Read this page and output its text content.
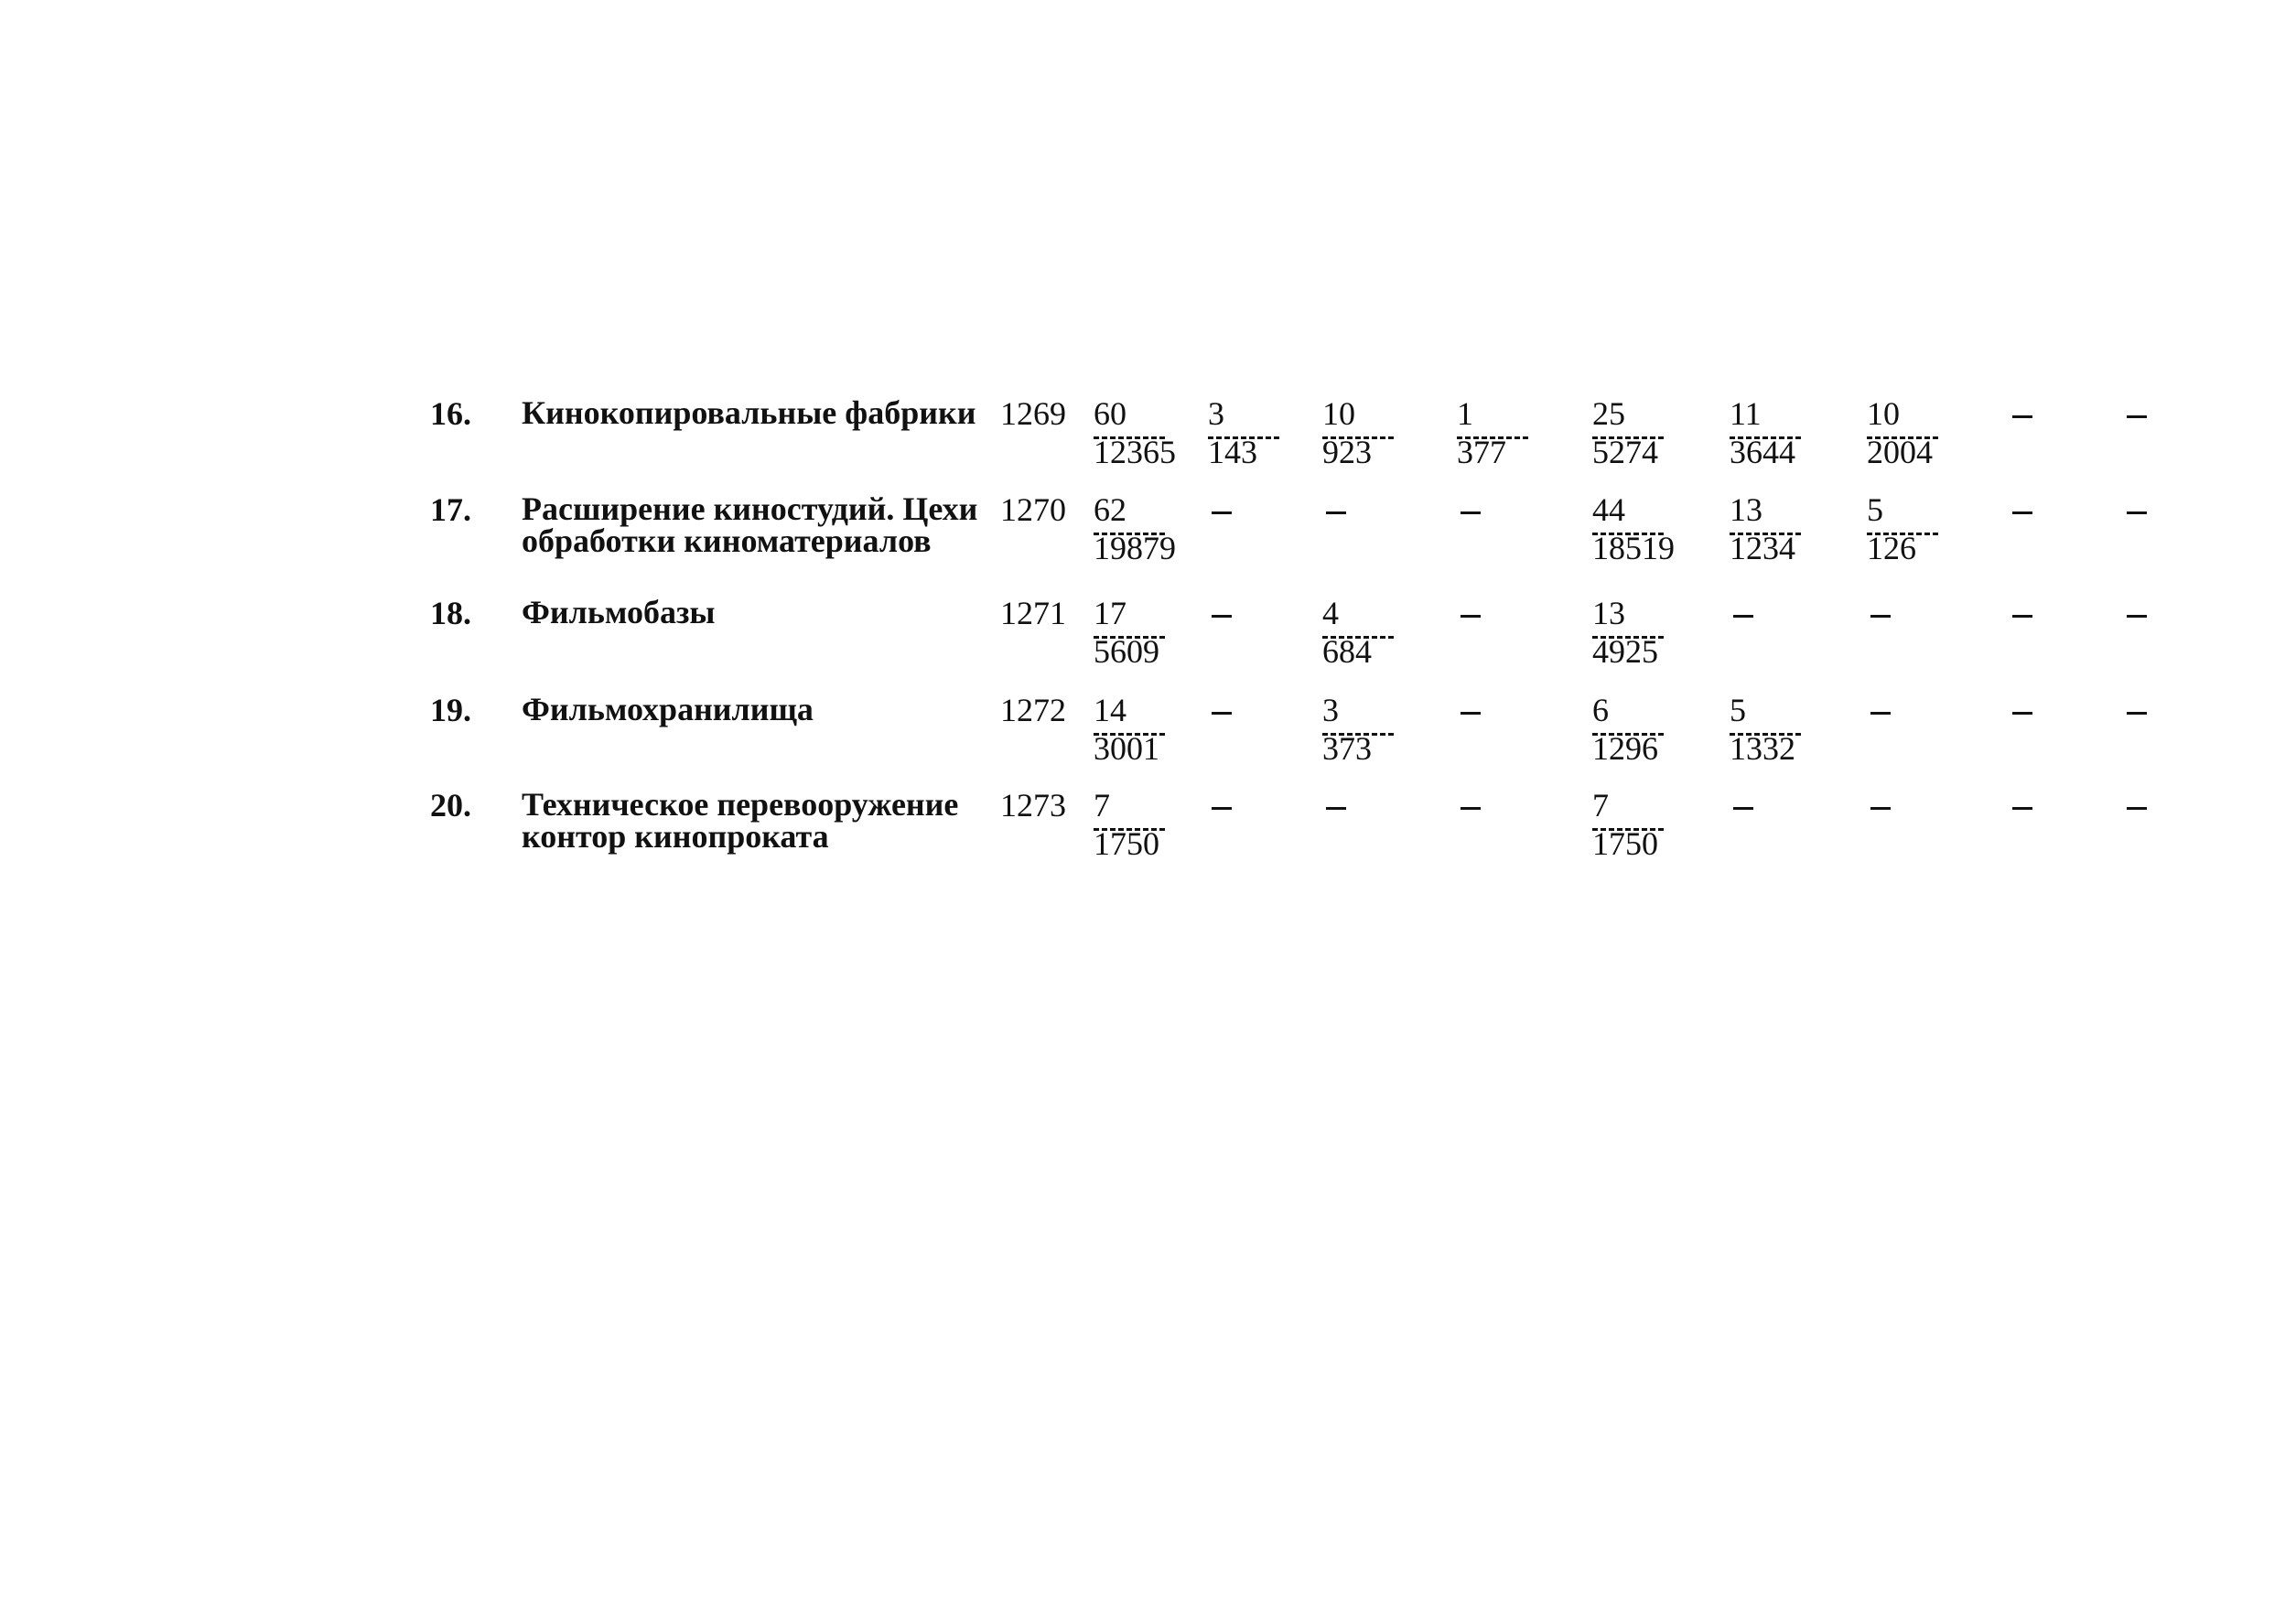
16. Кинокопировальные фабрики 1269 60
12365
3
143
10
923
1
377
25
5274
11
3644
10
2004
17. Расширение киностудий. Цехи
обработки киноматериалов
1270 62
19879
44
18519
13
1234
5
126
18. Фильмобазы	1271 17
5609
4
684
13
4925
19. Фильмохранилища	1272 14
3001
3
373
6
1296
5
1332
20. Техническое перевооружение
контор кинопроката
1273 7
1750
7
1750
